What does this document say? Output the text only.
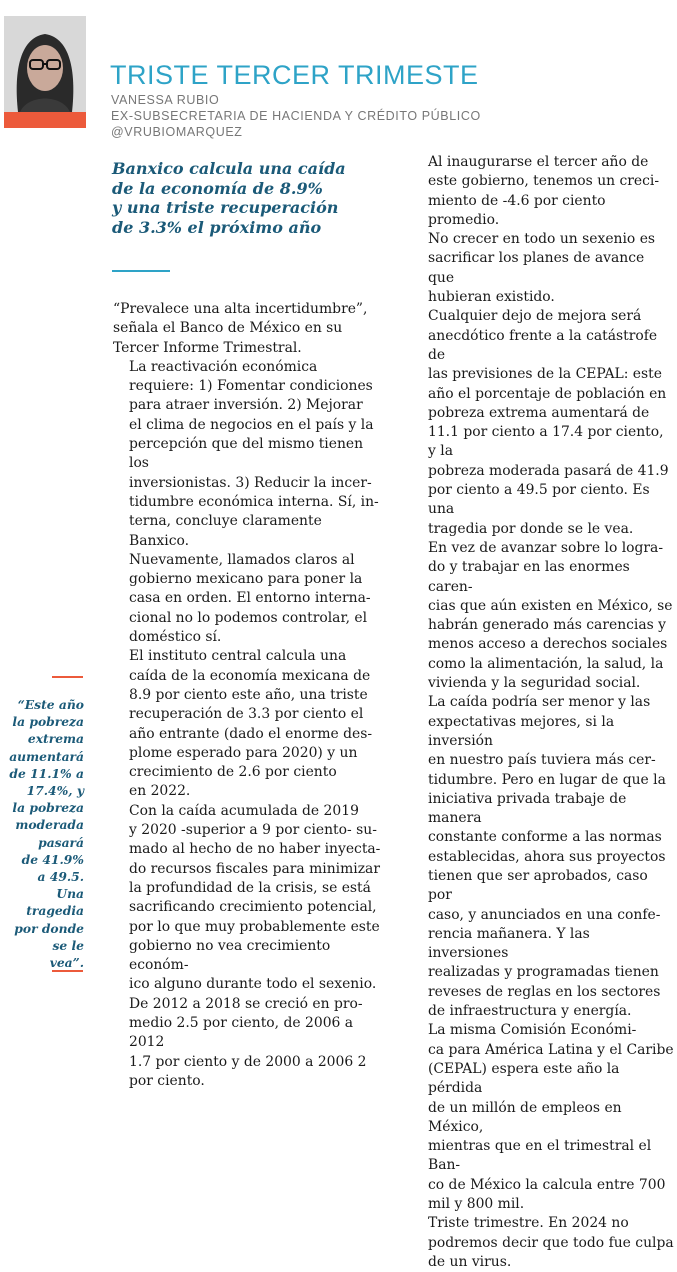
TRISTE TERCER TRIMESTE
VANESSA RUBIO
EX-SUBSECRETARIA DE HACIENDA Y CRÉDITO PÚBLICO
@VRUBIOMARQUEZ
Banxico calcula una caída
de la economía de 8.9%
y una triste recuperación
de 3.3% el próximo año

“Prevalece una alta incertidumbre”,
señala el Banco de México en su
Tercer Informe Trimestral.

La reactivación económica
requiere: 1) Fomentar condiciones
para atraer inversión. 2) Mejorar
el clima de negocios en el país y la
percepción que del mismo tienen los
inversionistas. 3) Reducir la incer-
tidumbre económica interna. Sí, in-
terna, concluye claramente Banxico.

Nuevamente, llamados claros al
gobierno mexicano para poner la
casa en orden. El entorno interna-
cional no lo podemos controlar, el
doméstico sí.

El instituto central calcula una
caída de la economía mexicana de
8.9 por ciento este año, una triste
recuperación de 3.3 por ciento el
año entrante (dado el enorme des-
plome esperado para 2020) y un
crecimiento de 2.6 por ciento
en 2022.

Con la caída acumulada de 2019
y 2020 -superior a 9 por ciento- su-
mado al hecho de no haber inyecta-
do recursos fiscales para minimizar
la profundidad de la crisis, se está
sacrificando crecimiento potencial,
por lo que muy probablemente este
gobierno no vea crecimiento económ-
ico alguno durante todo el sexenio.

De 2012 a 2018 se creció en pro-
medio 2.5 por ciento, de 2006 a 2012
1.7 por ciento y de 2000 a 2006 2
por ciento.

Al inaugurarse el tercer año de
este gobierno, tenemos un creci-
miento de -4.6 por ciento promedio.

No crecer en todo un sexenio es
sacrificar los planes de avance que
hubieran existido.

Cualquier dejo de mejora será
anecdótico frente a la catástrofe de
las previsiones de la CEPAL: este
año el porcentaje de población en
pobreza extrema aumentará de
11.1 por ciento a 17.4 por ciento, y la
pobreza moderada pasará de 41.9
por ciento a 49.5 por ciento. Es una
tragedia por donde se le vea.

En vez de avanzar sobre lo logra-
do y trabajar en las enormes caren-
cias que aún existen en México, se
habrán generado más carencias y
menos acceso a derechos sociales
como la alimentación, la salud, la
vivienda y la seguridad social.

La caída podría ser menor y las
expectativas mejores, si la inversión
en nuestro país tuviera más cer-
tidumbre. Pero en lugar de que la
iniciativa privada trabaje de manera
constante conforme a las normas
establecidas, ahora sus proyectos
tienen que ser aprobados, caso por
caso, y anunciados en una confe-
rencia mañanera. Y las inversiones
realizadas y programadas tienen
reveses de reglas en los sectores
de infraestructura y energía.

La misma Comisión Económi-
ca para América Latina y el Caribe
(CEPAL) espera este año la pérdida
de un millón de empleos en México,
mientras que en el trimestral el Ban-
co de México la calcula entre 700
mil y 800 mil.

Triste trimestre. En 2024 no
podremos decir que todo fue culpa
de un virus.

“Este año
la pobreza
extrema
aumentará
de 11.1% a
17.4%, y
la pobreza
moderada
pasará
de 41.9%
a 49.5.
Una
tragedia
por donde
se le
vea”.
